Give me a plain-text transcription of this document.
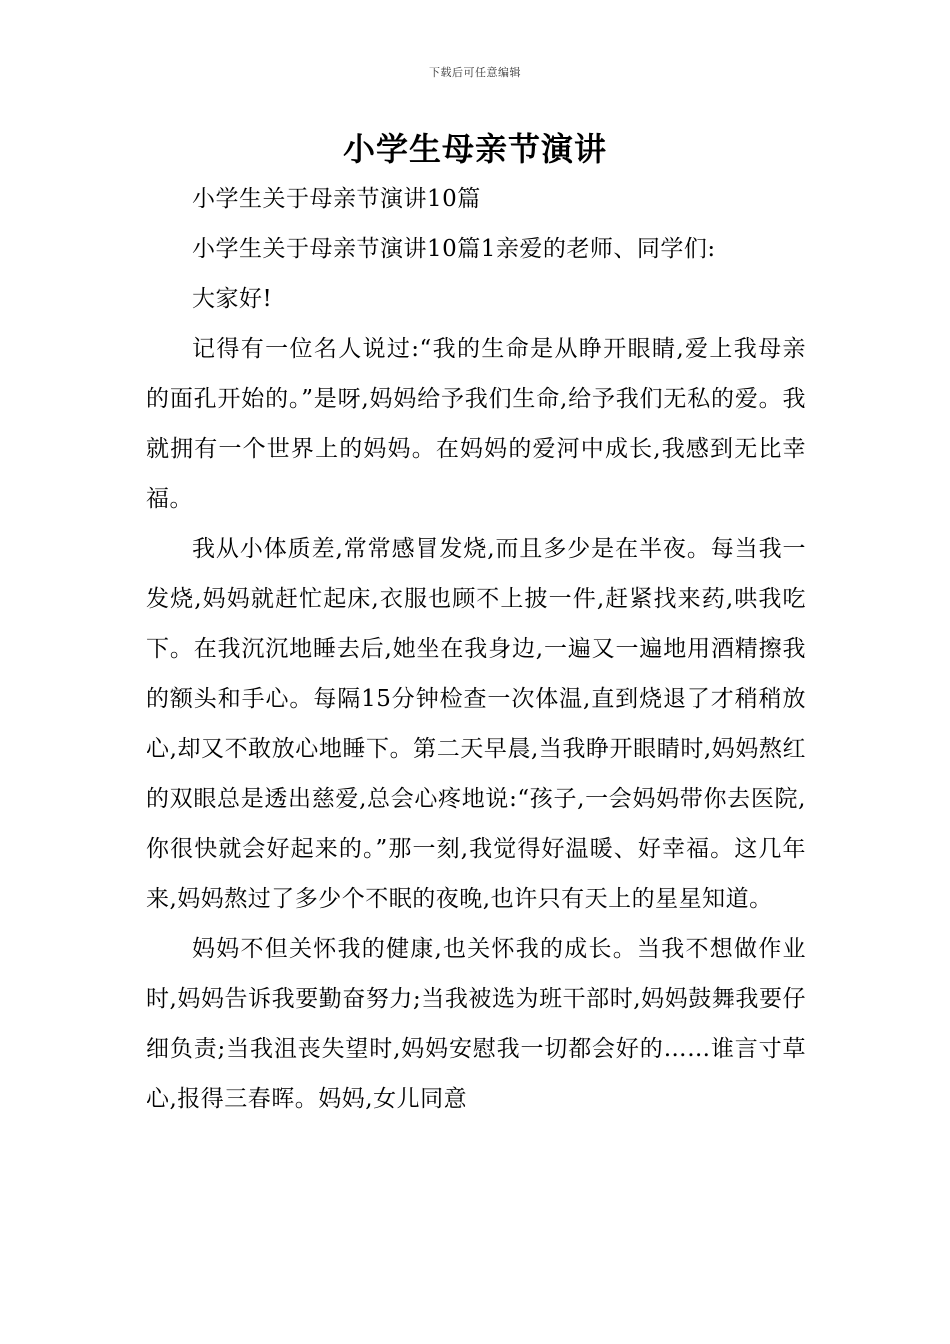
下载后可任意编辑
小学生母亲节演讲

小学生关于母亲节演讲10篇

小学生关于母亲节演讲10篇1亲爱的老师、同学们:

大家好!

记得有一位名人说过:“我的生命是从睁开眼睛,爱上我母亲的面孔开始的。”是呀,妈妈给予我们生命,给予我们无私的爱。我就拥有一个世界上的妈妈。在妈妈的爱河中成长,我感到无比幸福。

我从小体质差,常常感冒发烧,而且多少是在半夜。每当我一发烧,妈妈就赶忙起床,衣服也顾不上披一件,赶紧找来药,哄我吃下。在我沉沉地睡去后,她坐在我身边,一遍又一遍地用酒精擦我的额头和手心。每隔15分钟检查一次体温,直到烧退了才稍稍放心,却又不敢放心地睡下。第二天早晨,当我睁开眼睛时,妈妈熬红的双眼总是透出慈爱,总会心疼地说:“孩子,一会妈妈带你去医院,你很快就会好起来的。”那一刻,我觉得好温暖、好幸福。这几年来,妈妈熬过了多少个不眠的夜晚,也许只有天上的星星知道。

妈妈不但关怀我的健康,也关怀我的成长。当我不想做作业时,妈妈告诉我要勤奋努力;当我被选为班干部时,妈妈鼓舞我要仔细负责;当我沮丧失望时,妈妈安慰我一切都会好的……谁言寸草心,报得三春晖。妈妈,女儿同意
